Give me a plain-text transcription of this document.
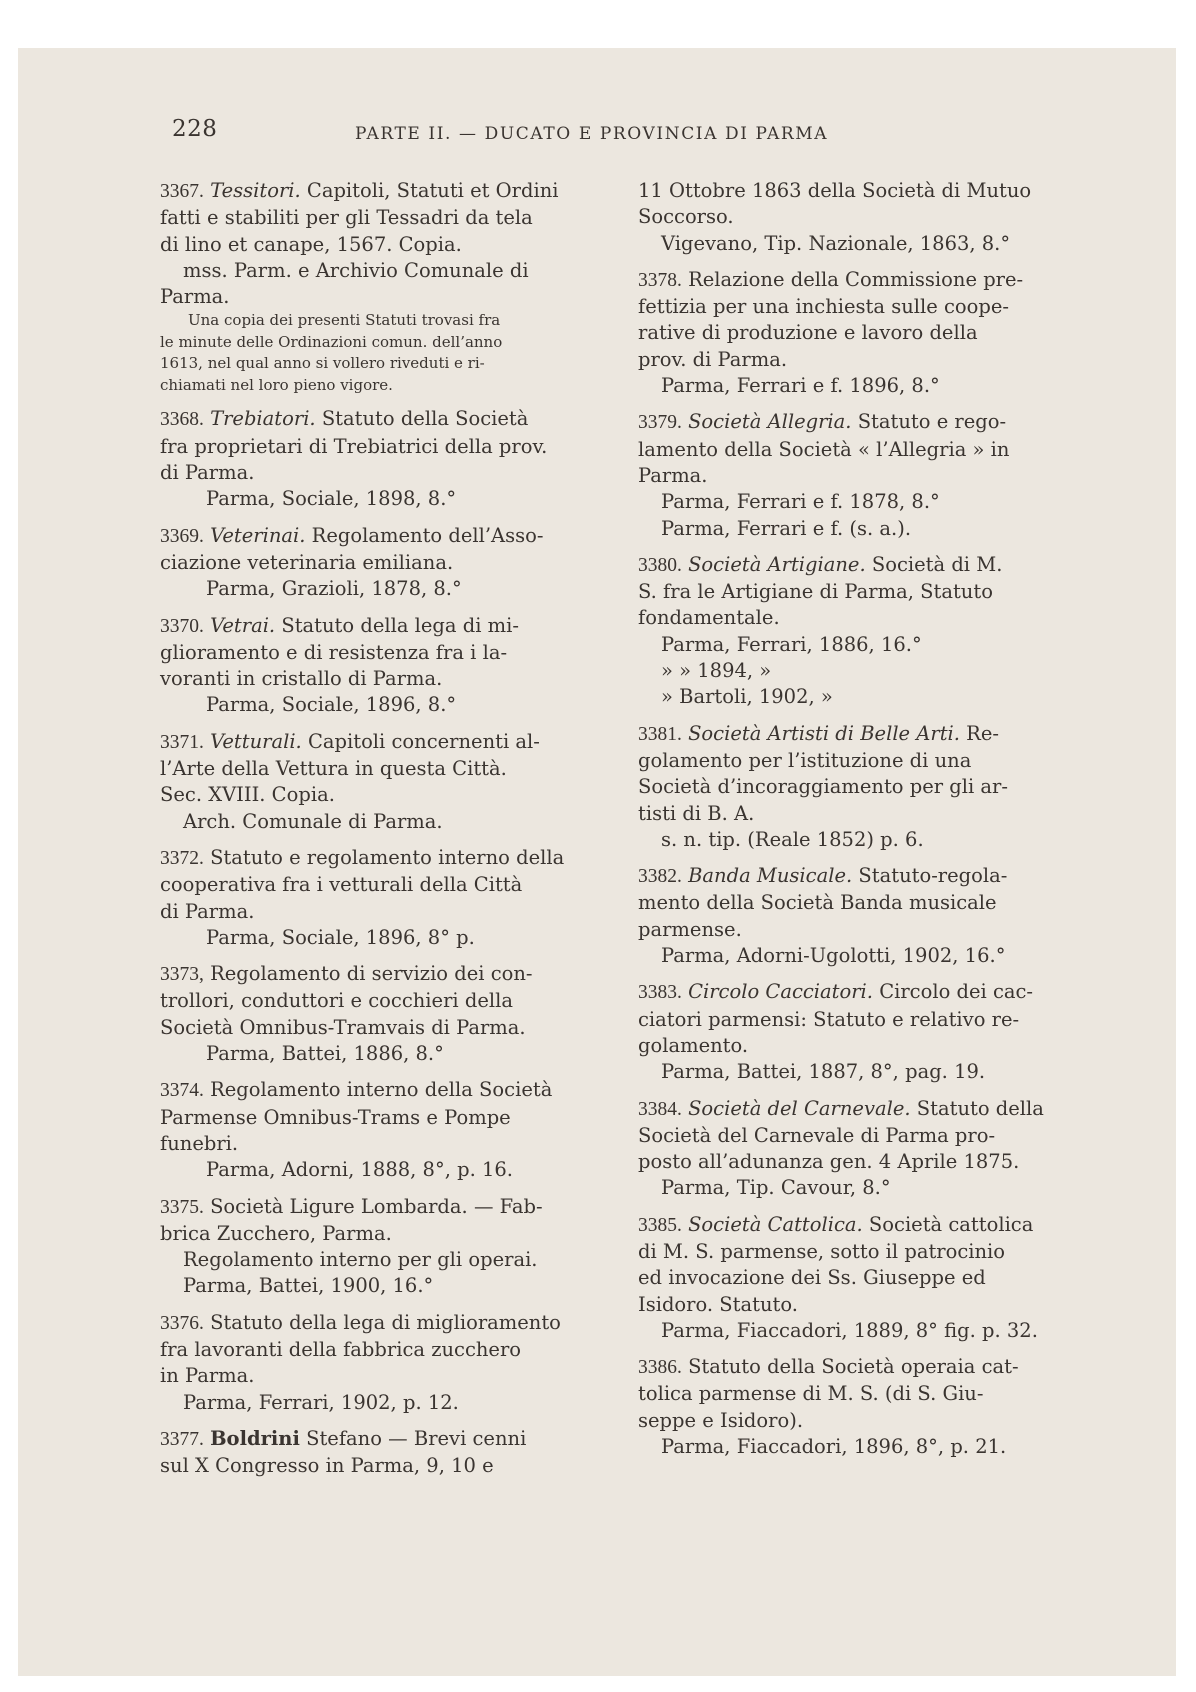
228	PARTE II. — DUCATO E PROVINCIA DI PARMA
3367. Tessitori. Capitoli, Statuti et Ordini
fatti e stabiliti per gli Tessadri da tela
di lino et canape, 1567. Copia.
mss. Parm. e Archivio Comunale di
Parma.
Una copia dei presenti Statuti trovasi fra
le minute delle Ordinazioni comun. dell’anno
1613, nel qual anno si vollero riveduti e ri-
chiamati nel loro pieno vigore.
3368. Trebiatori. Statuto della Società
fra proprietari di Trebiatrici della prov.
di Parma.
Parma, Sociale, 1898, 8.°
3369. Veterinai. Regolamento dell’Asso-
ciazione veterinaria emiliana.
Parma, Grazioli, 1878, 8.°
3370. Vetrai. Statuto della lega di mi-
glioramento e di resistenza fra i la-
voranti in cristallo di Parma.
Parma, Sociale, 1896, 8.°
3371. Vetturali. Capitoli concernenti al-
l’Arte della Vettura in questa Città.
Sec. XVIII. Copia.
Arch. Comunale di Parma.
3372. Statuto e regolamento interno della
cooperativa fra i vetturali della Città
di Parma.
Parma, Sociale, 1896, 8° p.
3373, Regolamento di servizio dei con-
trollori, conduttori e cocchieri della
Società Omnibus-Tramvais di Parma.
Parma, Battei, 1886, 8.°
3374. Regolamento interno della Società
Parmense Omnibus-Trams e Pompe
funebri.
Parma, Adorni, 1888, 8°, p. 16.
3375. Società Ligure Lombarda. — Fab-
brica Zucchero, Parma.
Regolamento interno per gli operai.
Parma, Battei, 1900, 16.°
3376. Statuto della lega di miglioramento
fra lavoranti della fabbrica zucchero
in Parma.
Parma, Ferrari, 1902, p. 12.
3377. Boldrini Stefano — Brevi cenni
sul X Congresso in Parma, 9, 10 e
11 Ottobre 1863 della Società di Mutuo
Soccorso.
Vigevano, Tip. Nazionale, 1863, 8.°
3378. Relazione della Commissione pre-
fettizia per una inchiesta sulle coope-
rative di produzione e lavoro della
prov. di Parma.
Parma, Ferrari e f. 1896, 8.°
3379. Società Allegria. Statuto e rego-
lamento della Società « l’Allegria » in
Parma.
Parma, Ferrari e f. 1878, 8.°
Parma, Ferrari e f. (s. a.).
3380. Società Artigiane. Società di M.
S. fra le Artigiane di Parma, Statuto
fondamentale.
Parma, Ferrari, 1886, 16.°
» » 1894, »
» Bartoli, 1902, »
3381. Società Artisti di Belle Arti. Re-
golamento per l’istituzione di una
Società d’incoraggiamento per gli ar-
tisti di B. A.
s. n. tip. (Reale 1852) p. 6.
3382. Banda Musicale. Statuto-regola-
mento della Società Banda musicale
parmense.
Parma, Adorni-Ugolotti, 1902, 16.°
3383. Circolo Cacciatori. Circolo dei cac-
ciatori parmensi: Statuto e relativo re-
golamento.
Parma, Battei, 1887, 8°, pag. 19.
3384. Società del Carnevale. Statuto della
Società del Carnevale di Parma pro-
posto all’adunanza gen. 4 Aprile 1875.
Parma, Tip. Cavour, 8.°
3385. Società Cattolica. Società cattolica
di M. S. parmense, sotto il patrocinio
ed invocazione dei Ss. Giuseppe ed
Isidoro. Statuto.
Parma, Fiaccadori, 1889, 8° fig. p. 32.
3386. Statuto della Società operaia cat-
tolica parmense di M. S. (di S. Giu-
seppe e Isidoro).
Parma, Fiaccadori, 1896, 8°, p. 21.
